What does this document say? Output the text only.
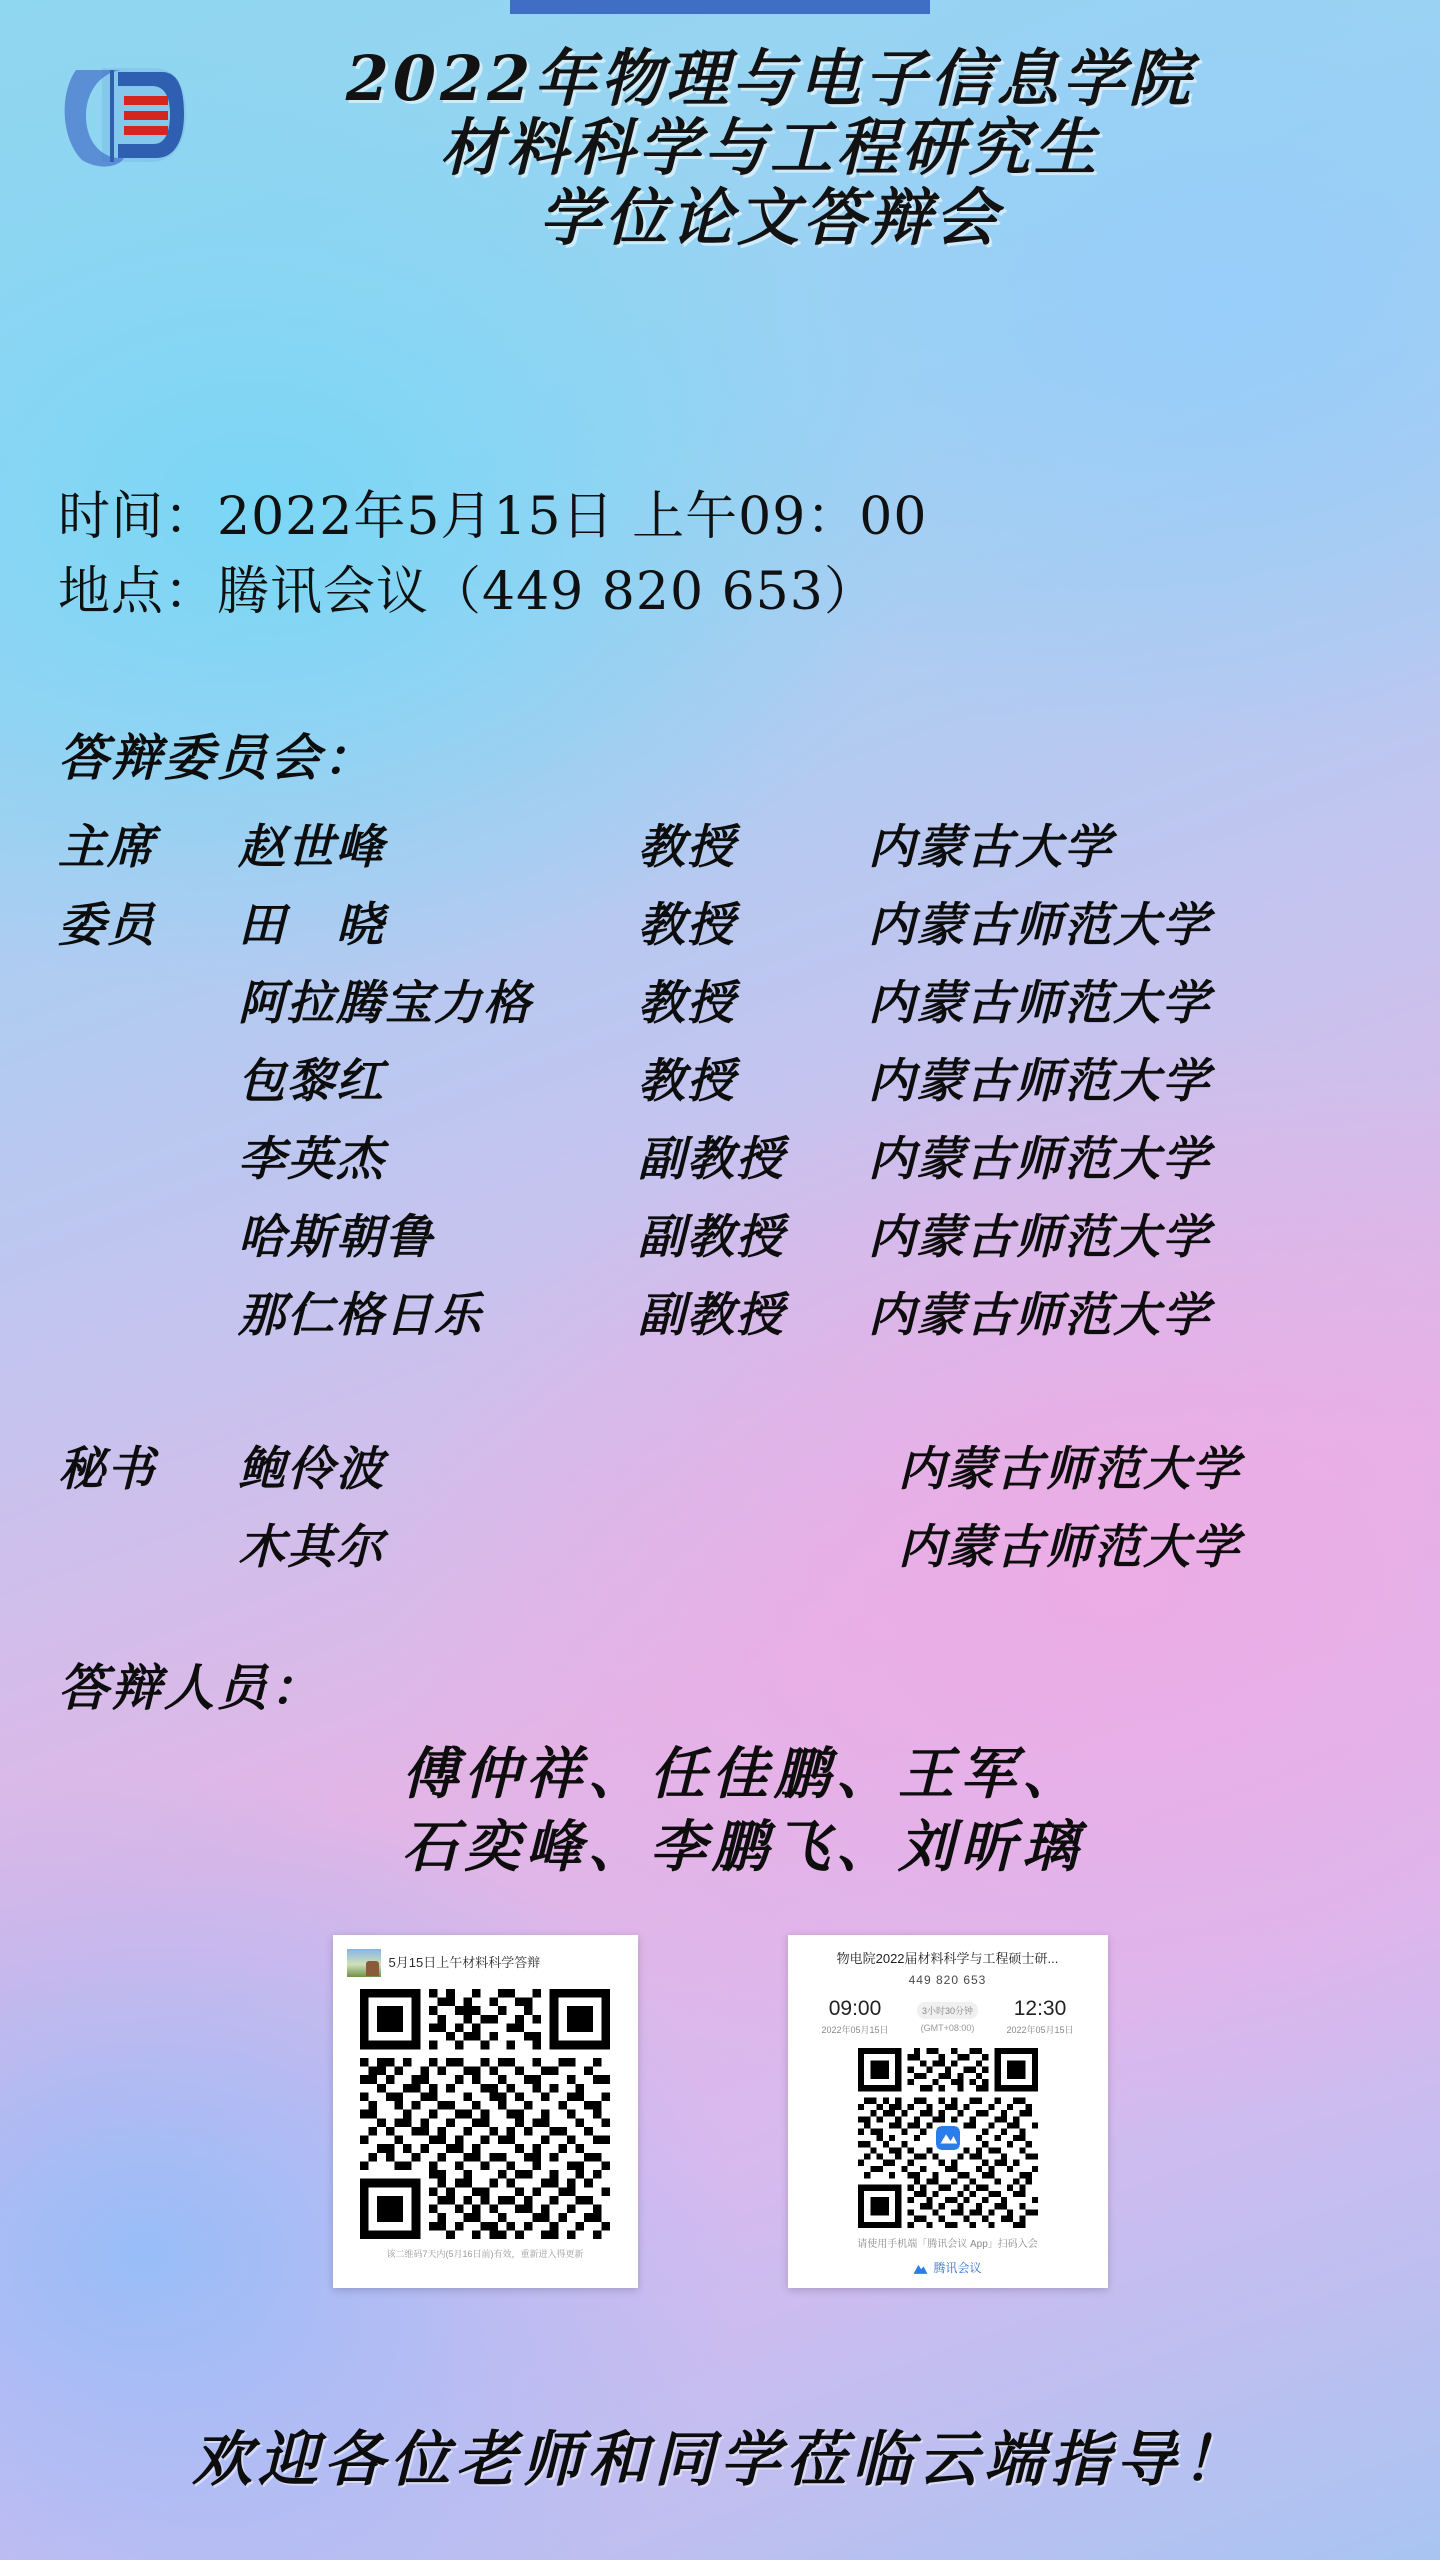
2022年物理与电子信息学院
材料科学与工程研究生
学位论文答辩会
时间：2022年5月15日 上午09：00
地点：腾讯会议（449 820 653）
答辩委员会：
主席	赵世峰	教授	内蒙古大学
委员	田　晓	教授	内蒙古师范大学
阿拉腾宝力格	教授	内蒙古师范大学
包黎红	教授	内蒙古师范大学
李英杰	副教授	内蒙古师范大学
哈斯朝鲁	副教授	内蒙古师范大学
那仁格日乐	副教授	内蒙古师范大学
秘书	鲍伶波	内蒙古师范大学
木其尔	内蒙古师范大学
答辩人员：
傅仲祥、任佳鹏、王军、
石奕峰、李鹏飞、刘昕璃
5月15日上午材料科学答辩
该二维码7天内(5月16日前)有效，重新进入得更新
物电院2022届材料科学与工程硕士研...
449 820 653
09:00
2022年05月15日
3小时30分钟
(GMT+08:00)
12:30
2022年05月15日
请使用手机端「腾讯会议 App」扫码入会
腾讯会议
欢迎各位老师和同学莅临云端指导！
